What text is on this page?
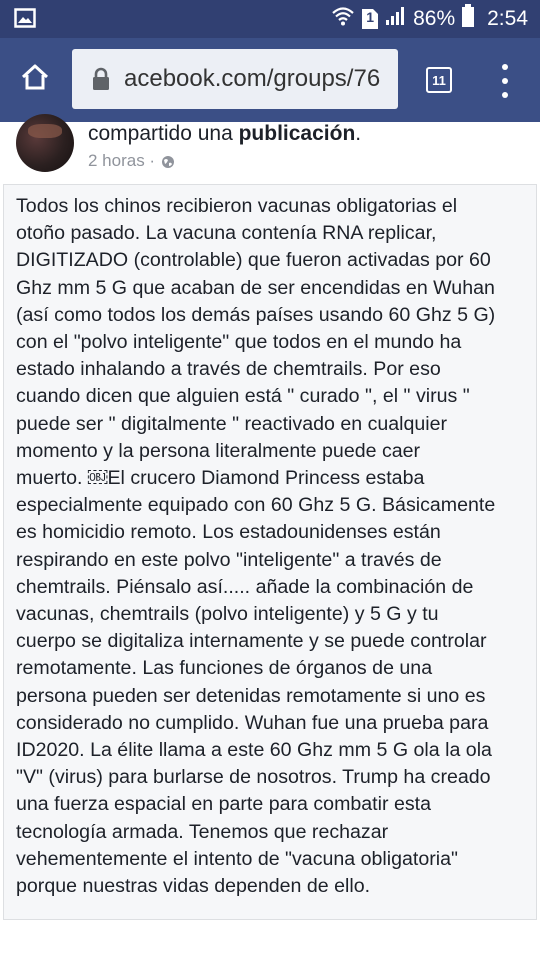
1 86% 2:54
acebook.com/groups/76	11
compartido una publicación.
2 horas ·
Todos los chinos recibieron vacunas obligatorias el
otoño pasado. La vacuna contenía RNA replicar,
DIGITIZADO (controlable) que fueron activadas por 60
Ghz mm 5 G que acaban de ser encendidas en Wuhan
(así como todos los demás países usando 60 Ghz 5 G)
con el "polvo inteligente" que todos en el mundo ha
estado inhalando a través de chemtrails. Por eso
cuando dicen que alguien está " curado ", el " virus "
puede ser " digitalmente " reactivado en cualquier
momento y la persona literalmente puede caer
muerto. ￼El crucero Diamond Princess estaba
especialmente equipado con 60 Ghz 5 G. Básicamente
es homicidio remoto. Los estadounidenses están
respirando en este polvo "inteligente" a través de
chemtrails. Piénsalo así..... añade la combinación de
vacunas, chemtrails (polvo inteligente) y 5 G y tu
cuerpo se digitaliza internamente y se puede controlar
remotamente. Las funciones de órganos de una
persona pueden ser detenidas remotamente si uno es
considerado no cumplido. Wuhan fue una prueba para
ID2020. La élite llama a este 60 Ghz mm 5 G ola la ola
"V" (virus) para burlarse de nosotros. Trump ha creado
una fuerza espacial en parte para combatir esta
tecnología armada. Tenemos que rechazar
vehementemente el intento de "vacuna obligatoria"
porque nuestras vidas dependen de ello.
